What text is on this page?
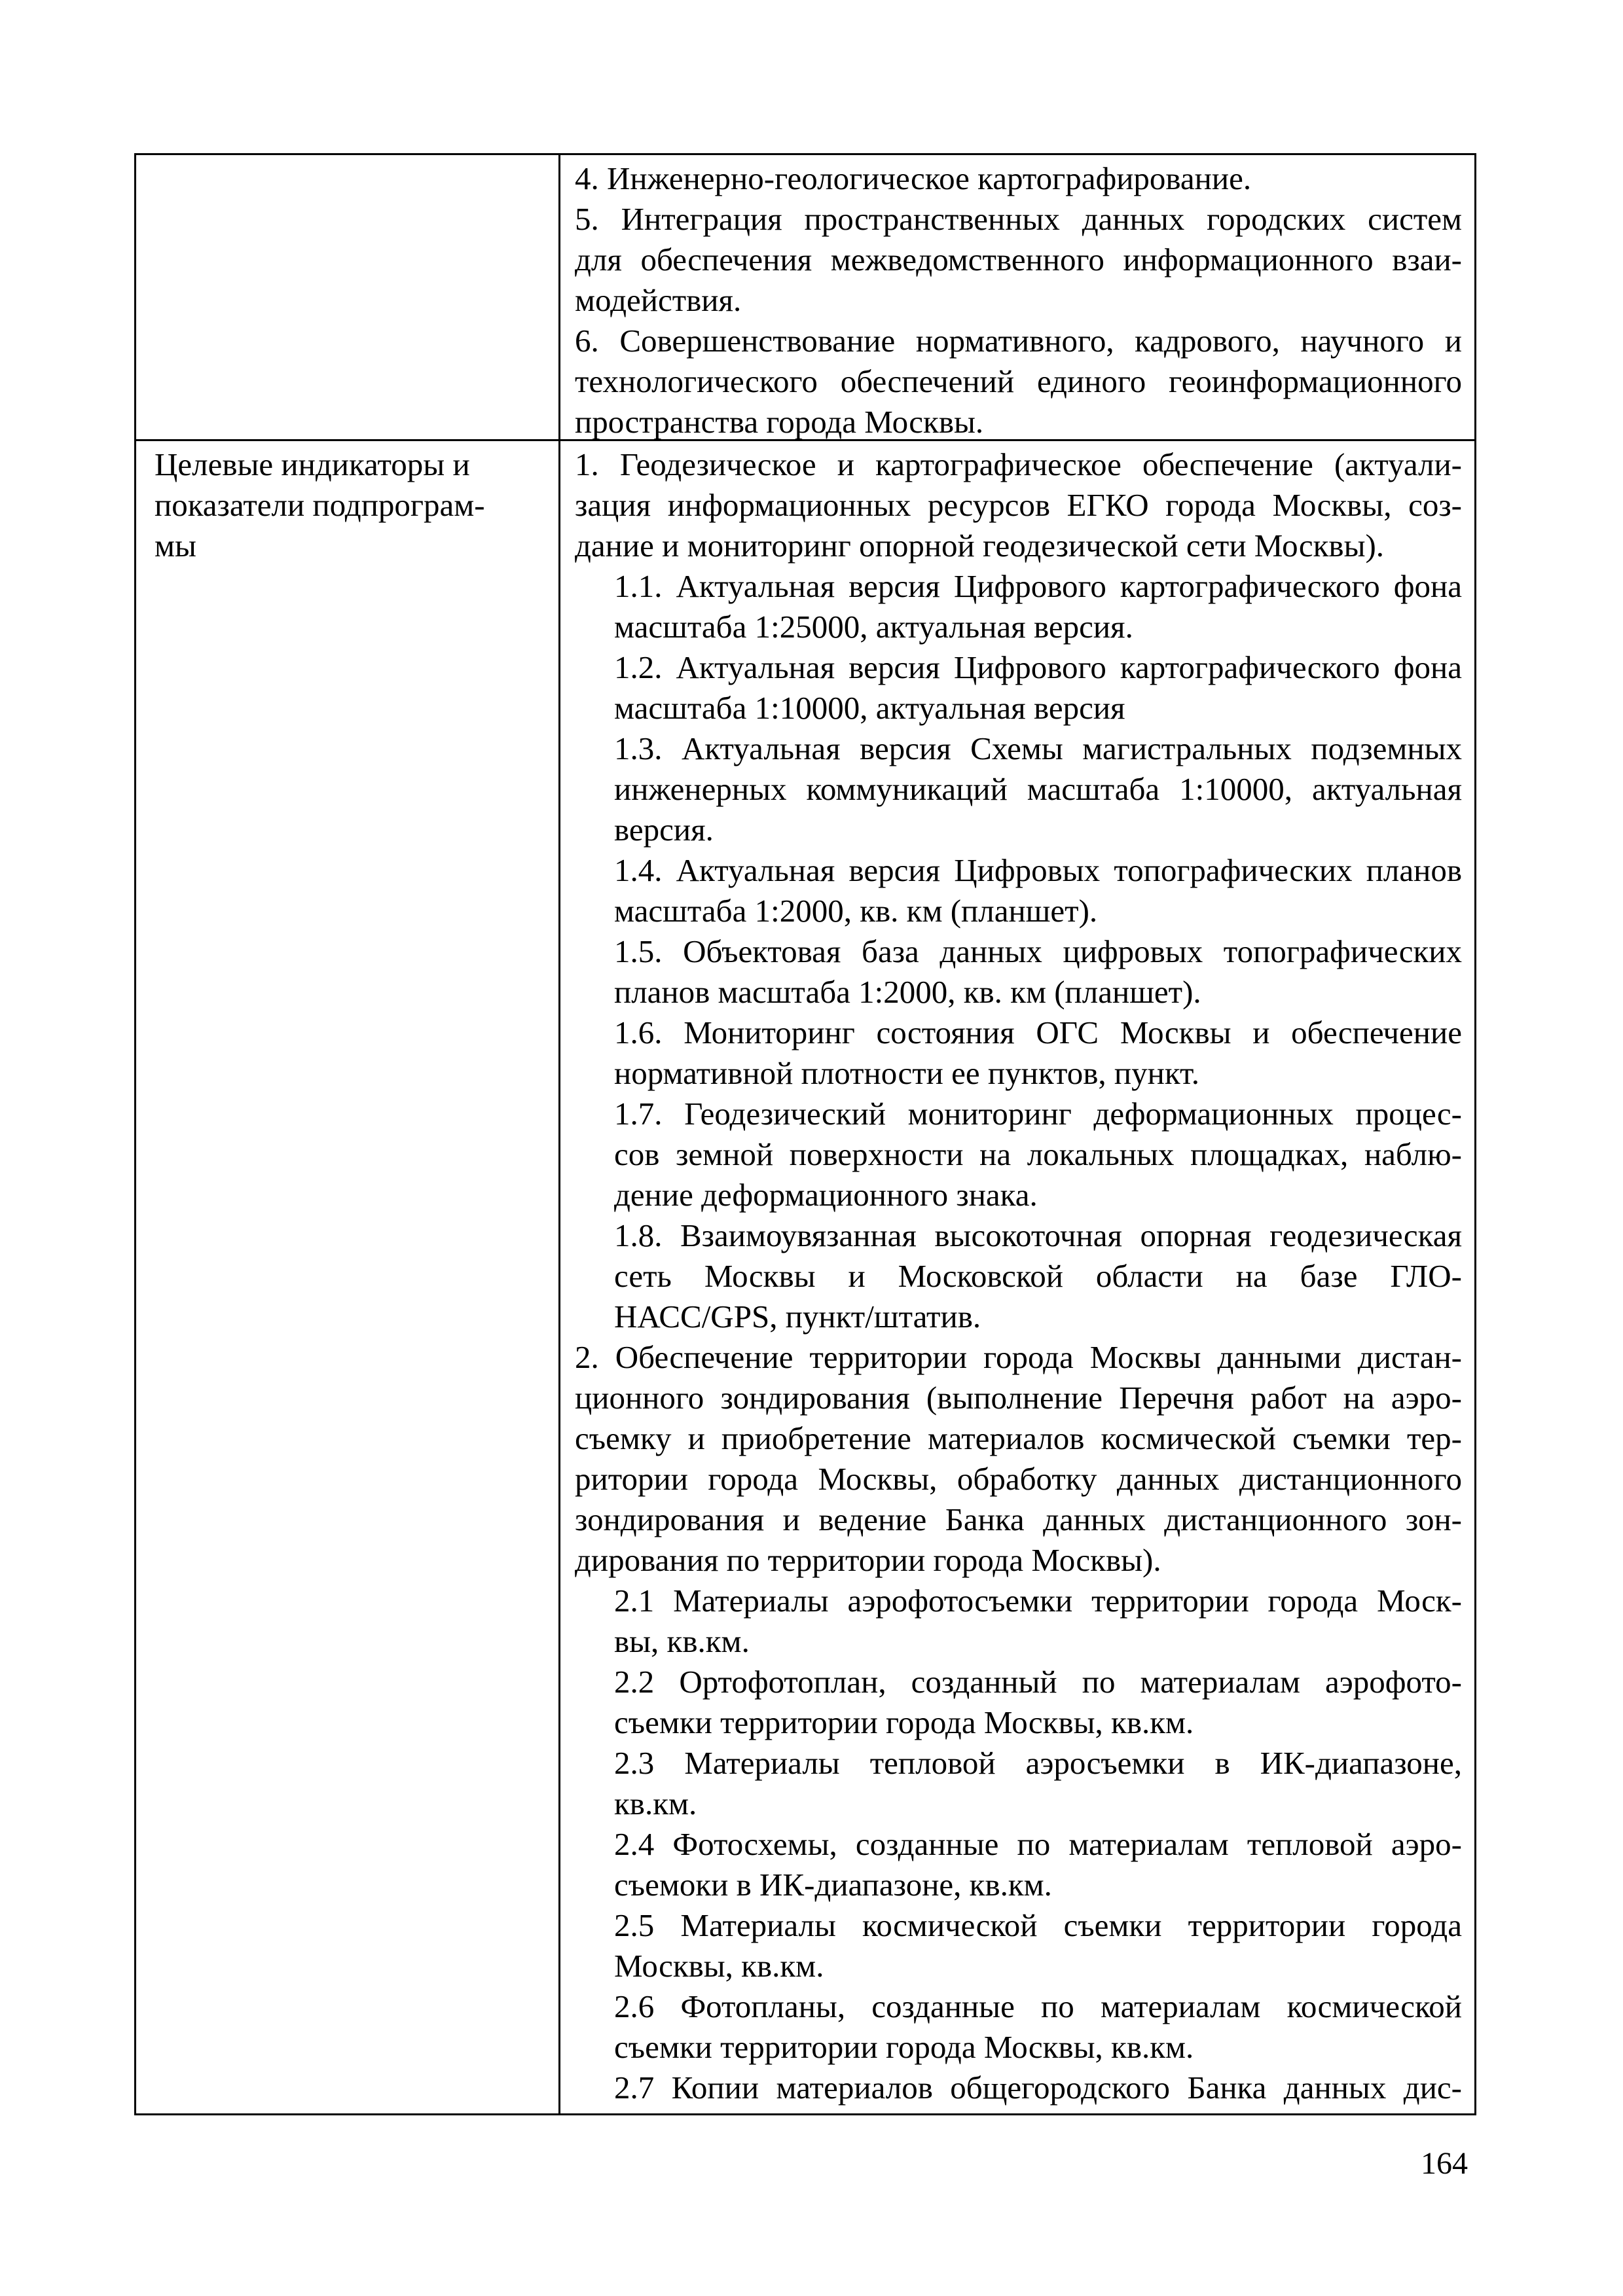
4. Инженерно-геологическое картографирование.
5. Интеграция пространственных данных городских систем
для обеспечения межведомственного информационного взаи-
модействия.
6. Совершенствование нормативного, кадрового, научного и
технологического обеспечений единого геоинформационного
пространства города Москвы.
Целевые индикаторы и
показатели подпрограм-
мы
1. Геодезическое и картографическое обеспечение (актуали-
зация информационных ресурсов ЕГКО города Москвы, соз-
дание и мониторинг опорной геодезической сети Москвы).
1.1. Актуальная версия Цифрового картографического фона
масштаба 1:25000, актуальная версия.
1.2. Актуальная версия Цифрового картографического фона
масштаба 1:10000, актуальная версия
1.3. Актуальная версия Схемы магистральных подземных
инженерных коммуникаций масштаба 1:10000, актуальная
версия.
1.4. Актуальная версия Цифровых топографических планов
масштаба 1:2000, кв. км (планшет).
1.5. Объектовая база данных цифровых топографических
планов масштаба 1:2000, кв. км (планшет).
1.6. Мониторинг состояния ОГС Москвы и обеспечение
нормативной плотности ее пунктов, пункт.
1.7. Геодезический мониторинг деформационных процес-
сов земной поверхности на локальных площадках, наблю-
дение деформационного знака.
1.8. Взаимоувязанная высокоточная опорная геодезическая
сеть Москвы и Московской области на базе ГЛО-
НАСС/GPS, пункт/штатив.
2. Обеспечение территории города Москвы данными дистан-
ционного зондирования (выполнение Перечня работ на аэро-
съемку и приобретение материалов космической съемки тер-
ритории города Москвы, обработку данных дистанционного
зондирования и ведение Банка данных дистанционного зон-
дирования по территории города Москвы).
2.1 Материалы аэрофотосъемки территории города Моск-
вы, кв.км.
2.2 Ортофотоплан, созданный по материалам аэрофото-
съемки территории города Москвы, кв.км.
2.3 Материалы тепловой аэросъемки в ИК-диапазоне,
кв.км.
2.4 Фотосхемы, созданные по материалам тепловой аэро-
съемоки в ИК-диапазоне, кв.км.
2.5 Материалы космической съемки территории города
Москвы, кв.км.
2.6 Фотопланы, созданные по материалам космической
съемки территории города Москвы, кв.км.
2.7 Копии материалов общегородского Банка данных дис-
164
